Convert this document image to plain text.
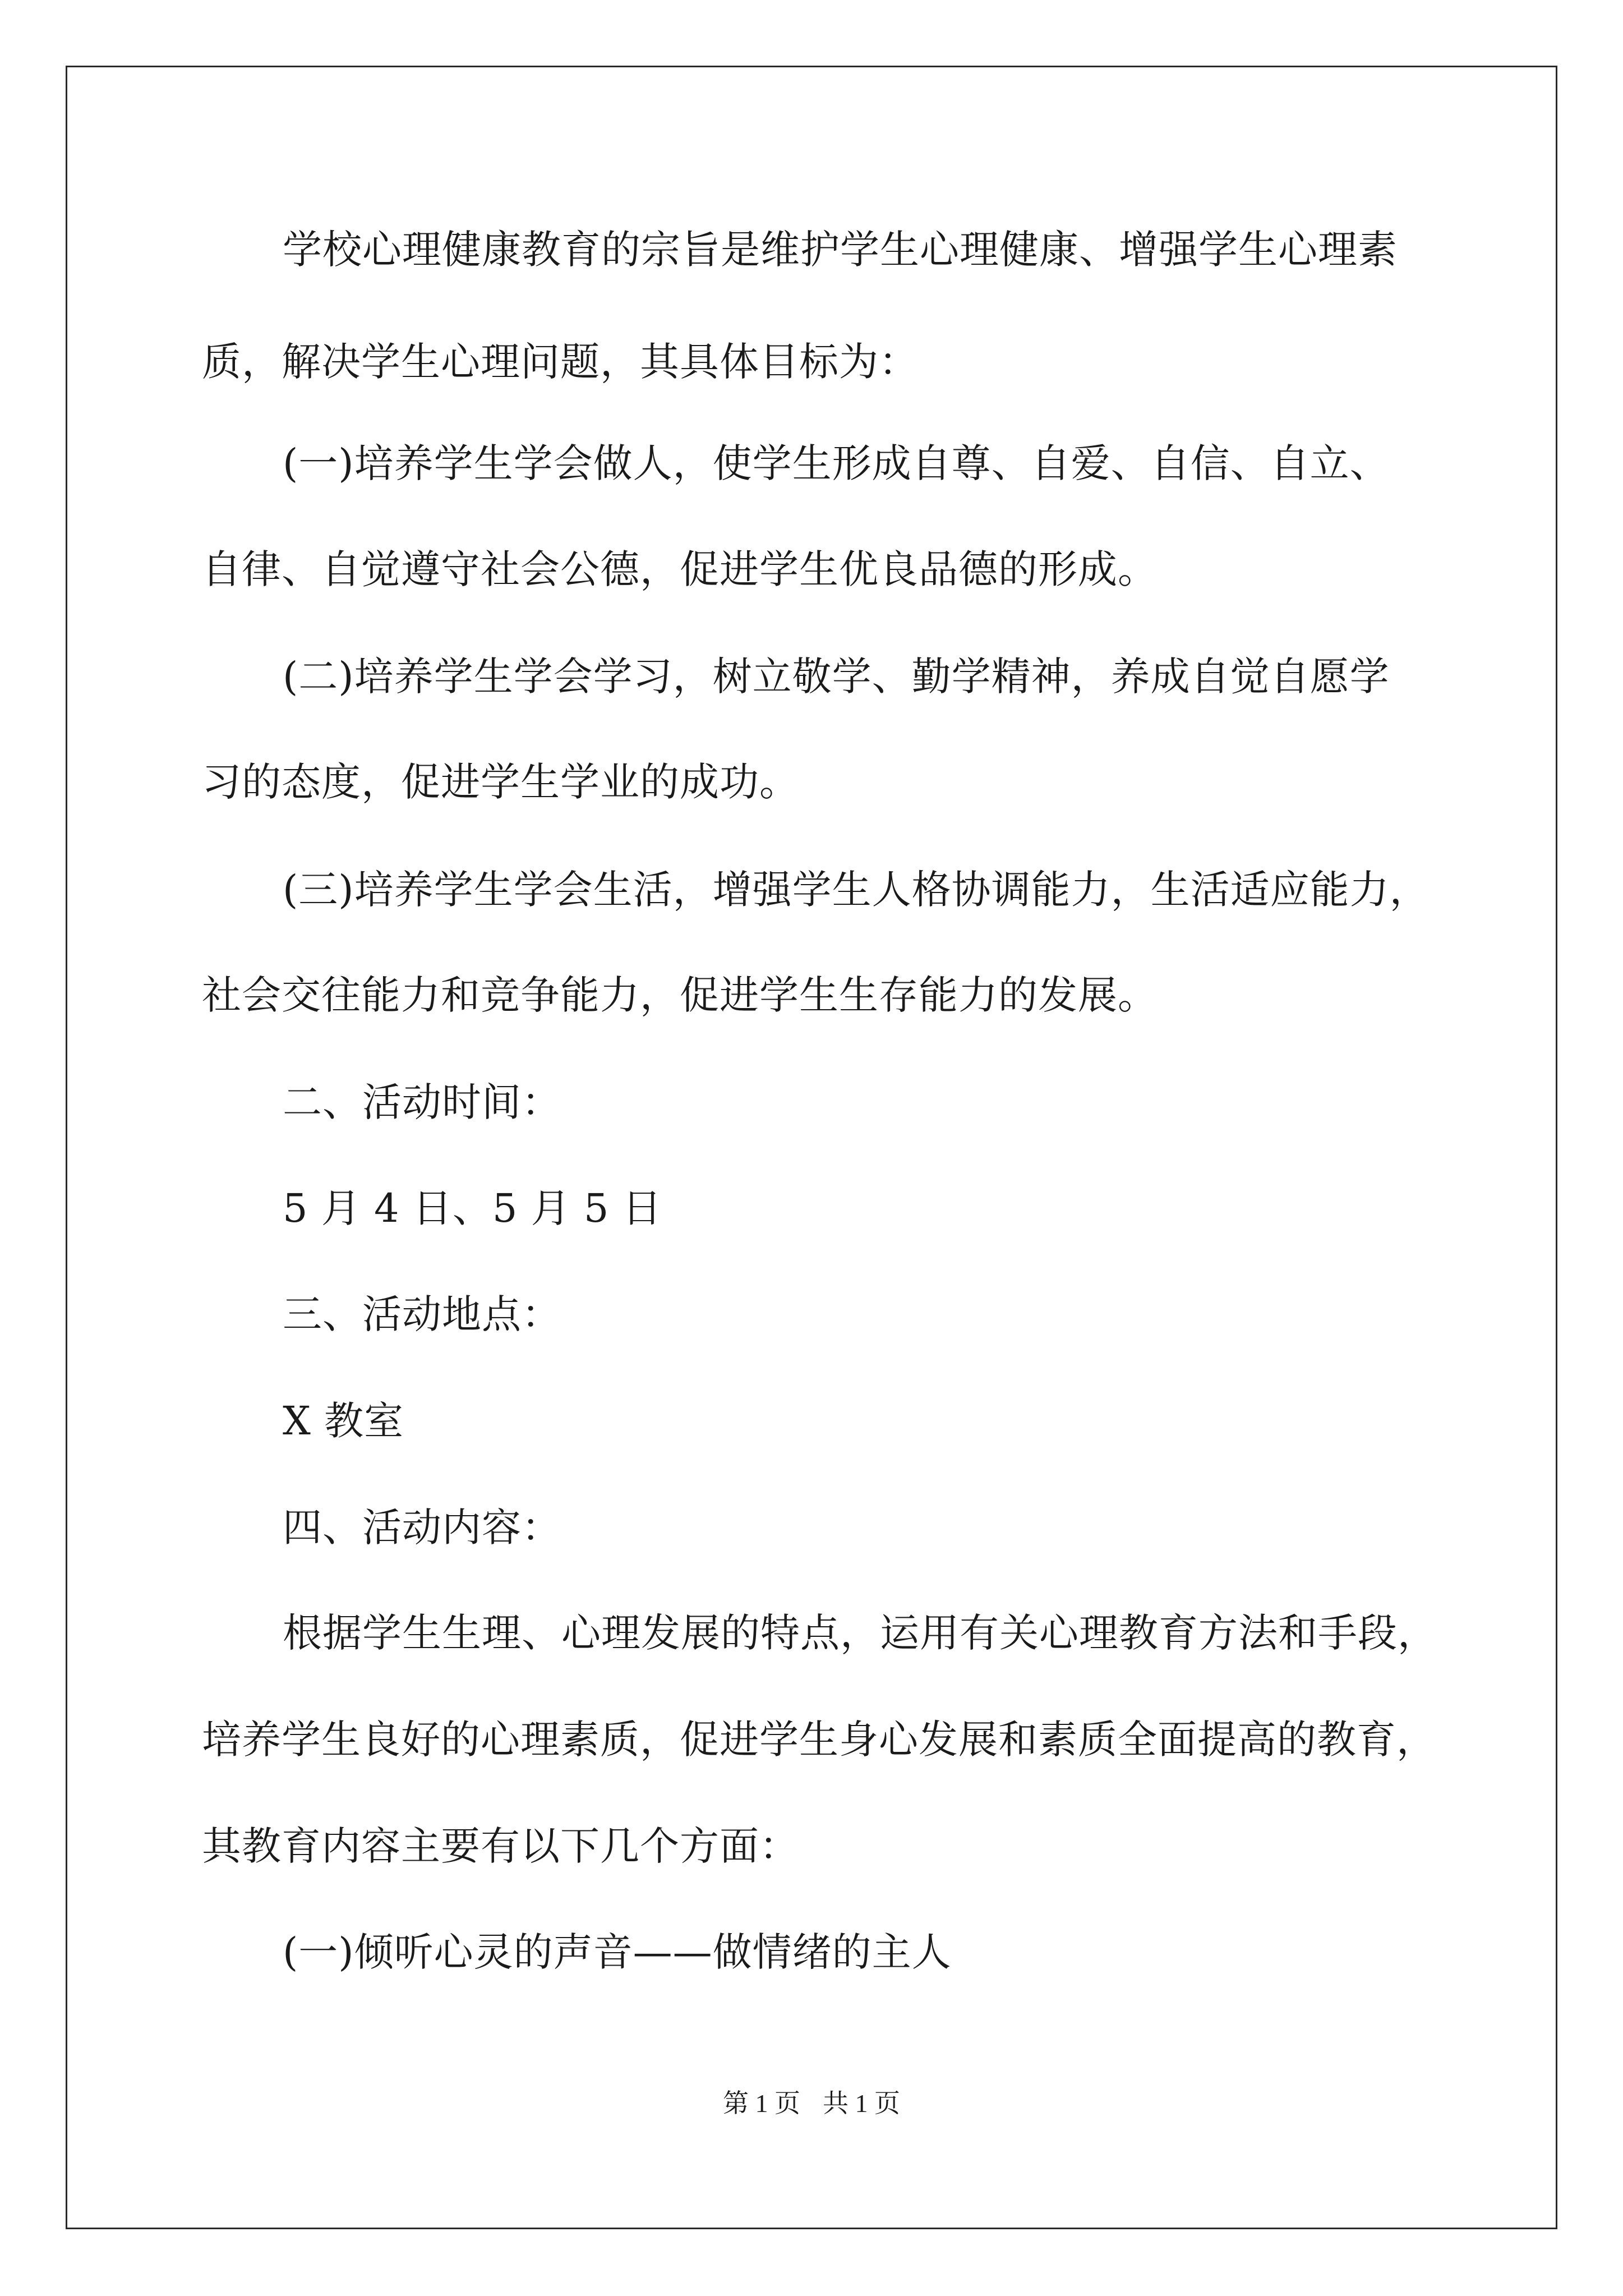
学校心理健康教育的宗旨是维护学生心理健康、增强学生心理素
质，解决学生心理问题，其具体目标为：
(一)培养学生学会做人，使学生形成自尊、自爱、自信、自立、
自律、自觉遵守社会公德，促进学生优良品德的形成。
(二)培养学生学会学习，树立敬学、勤学精神，养成自觉自愿学
习的态度，促进学生学业的成功。
(三)培养学生学会生活，增强学生人格协调能力，生活适应能力，
社会交往能力和竞争能力，促进学生生存能力的发展。
二、活动时间：
5 月 4 日、5 月 5 日
三、活动地点：
X 教室
四、活动内容：
根据学生生理、心理发展的特点，运用有关心理教育方法和手段，
培养学生良好的心理素质，促进学生身心发展和素质全面提高的教育，
其教育内容主要有以下几个方面：
(一)倾听心灵的声音——做情绪的主人
第 1 页 共 1 页
